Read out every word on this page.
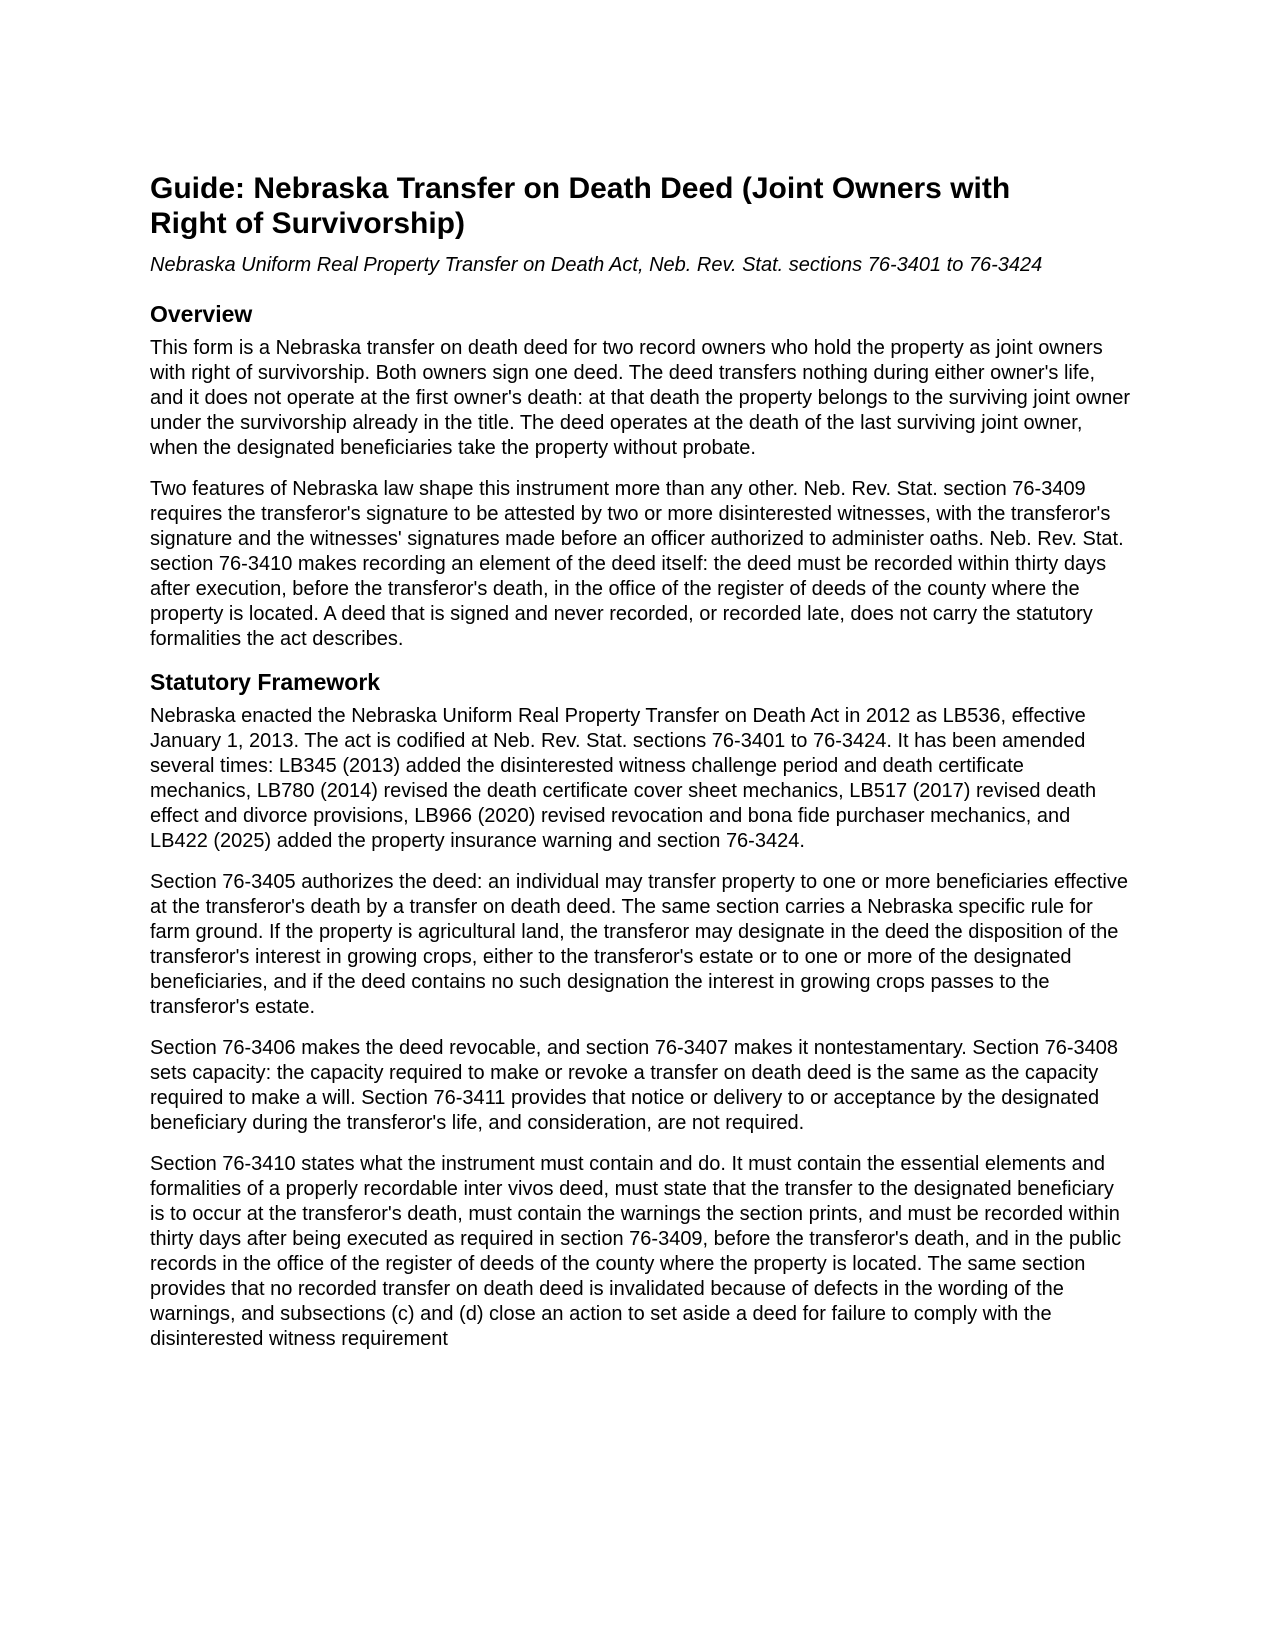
Guide: Nebraska Transfer on Death Deed (Joint Owners with Right of Survivorship)
Nebraska Uniform Real Property Transfer on Death Act, Neb. Rev. Stat. sections 76-3401 to 76-3424
Overview

This form is a Nebraska transfer on death deed for two record owners who hold the property as joint owners with right of survivorship. Both owners sign one deed. The deed transfers nothing during either owner's life, and it does not operate at the first owner's death: at that death the property belongs to the surviving joint owner under the survivorship already in the title. The deed operates at the death of the last surviving joint owner, when the designated beneficiaries take the property without probate.

Two features of Nebraska law shape this instrument more than any other. Neb. Rev. Stat. section 76-3409 requires the transferor's signature to be attested by two or more disinterested witnesses, with the transferor's signature and the witnesses' signatures made before an officer authorized to administer oaths. Neb. Rev. Stat. section 76-3410 makes recording an element of the deed itself: the deed must be recorded within thirty days after execution, before the transferor's death, in the office of the register of deeds of the county where the property is located. A deed that is signed and never recorded, or recorded late, does not carry the statutory formalities the act describes.

Statutory Framework

Nebraska enacted the Nebraska Uniform Real Property Transfer on Death Act in 2012 as LB536, effective January 1, 2013. The act is codified at Neb. Rev. Stat. sections 76-3401 to 76-3424. It has been amended several times: LB345 (2013) added the disinterested witness challenge period and death certificate mechanics, LB780 (2014) revised the death certificate cover sheet mechanics, LB517 (2017) revised death effect and divorce provisions, LB966 (2020) revised revocation and bona fide purchaser mechanics, and LB422 (2025) added the property insurance warning and section 76-3424.

Section 76-3405 authorizes the deed: an individual may transfer property to one or more beneficiaries effective at the transferor's death by a transfer on death deed. The same section carries a Nebraska specific rule for farm ground. If the property is agricultural land, the transferor may designate in the deed the disposition of the transferor's interest in growing crops, either to the transferor's estate or to one or more of the designated beneficiaries, and if the deed contains no such designation the interest in growing crops passes to the transferor's estate.

Section 76-3406 makes the deed revocable, and section 76-3407 makes it nontestamentary. Section 76-3408 sets capacity: the capacity required to make or revoke a transfer on death deed is the same as the capacity required to make a will. Section 76-3411 provides that notice or delivery to or acceptance by the designated beneficiary during the transferor's life, and consideration, are not required.

Section 76-3410 states what the instrument must contain and do. It must contain the essential elements and formalities of a properly recordable inter vivos deed, must state that the transfer to the designated beneficiary is to occur at the transferor's death, must contain the warnings the section prints, and must be recorded within thirty days after being executed as required in section 76-3409, before the transferor's death, and in the public records in the office of the register of deeds of the county where the property is located. The same section provides that no recorded transfer on death deed is invalidated because of defects in the wording of the warnings, and subsections (c) and (d) close an action to set aside a deed for failure to comply with the disinterested witness requirement
